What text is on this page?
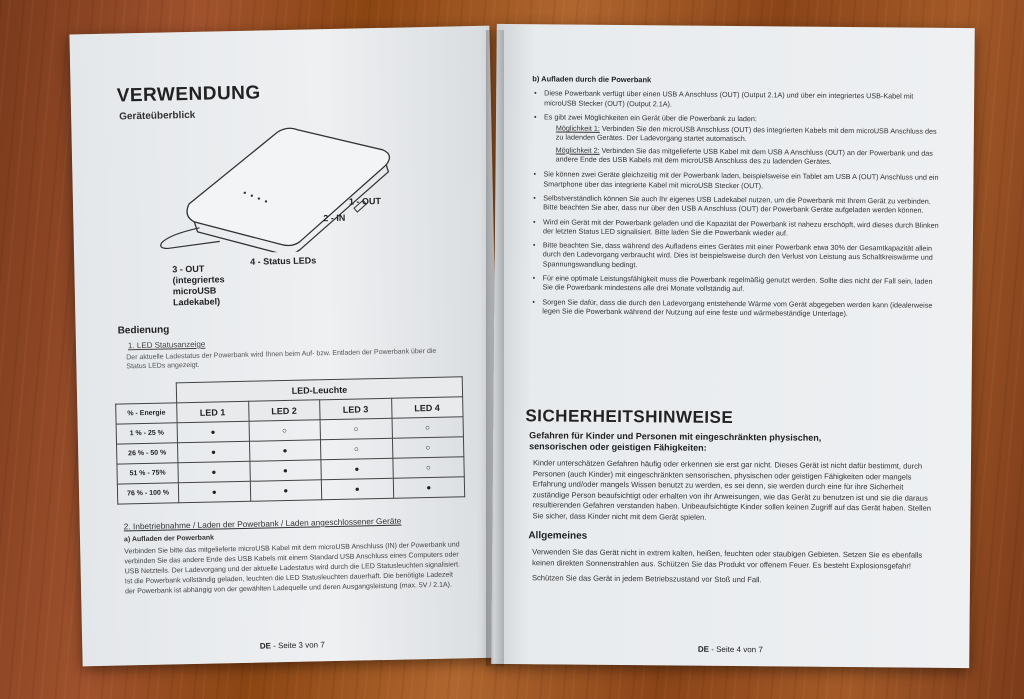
VERWENDUNG
Geräteüberblick
1 - OUT
2 - IN
3 - OUT
(integriertes
microUSB
Ladekabel)
4 - Status LEDs
Bedienung
1. LED Statusanzeige
Der aktuelle Ladestatus der Powerbank wird Ihnen beim Auf- bzw. Entladen der Powerbank über die Status LEDs angezeigt.
	LED-Leuchte			
% - Energie	LED 1	LED 2	LED 3	LED 4
1 % - 25 %	●	○	○	○
26 % - 50 %	●	●	○	○
51 % - 75%	●	●	●	○
76 % - 100 %	●	●	●	●
2. Inbetriebnahme / Laden der Powerbank / Laden angeschlossener Geräte
a) Aufladen der Powerbank
Verbinden Sie bitte das mitgelieferte microUSB Kabel mit dem microUSB Anschluss (IN) der Powerbank und verbinden Sie das andere Ende des USB Kabels mit einem Standard USB Anschluss eines Computers oder USB Netzteils. Der Ladevorgang und der aktuelle Ladestatus wird durch die LED Statusleuchten signalisiert. Ist die Powerbank vollständig geladen, leuchten die LED Statusleuchten dauerhaft. Die benötigte Ladezeit der Powerbank ist abhängig von der gewählten Ladequelle und deren Ausgangsleistung (max. 5V / 2.1A).
DE - Seite 3 von 7
b) Aufladen durch die Powerbank
• Diese Powerbank verfügt über einen USB A Anschluss (OUT) (Output 2.1A) und über ein integriertes USB-Kabel mit microUSB Stecker (OUT) (Output 2.1A).
• Es gibt zwei Möglichkeiten ein Gerät über die Powerbank zu laden:
Möglichkeit 1: Verbinden Sie den microUSB Anschluss (OUT) des integrierten Kabels mit dem microUSB Anschluss des zu ladenden Gerätes. Der Ladevorgang startet automatisch.
Möglichkeit 2: Verbinden Sie das mitgelieferte USB Kabel mit dem USB A Anschluss (OUT) an der Powerbank und das andere Ende des USB Kabels mit dem microUSB Anschluss des zu ladenden Gerätes.
• Sie können zwei Geräte gleichzeitig mit der Powerbank laden, beispielsweise ein Tablet am USB A (OUT) Anschluss und ein Smartphone über das integrierte Kabel mit microUSB Stecker (OUT).
• Selbstverständlich können Sie auch Ihr eigenes USB Ladekabel nutzen, um die Powerbank mit Ihrem Gerät zu verbinden. Bitte beachten Sie aber, dass nur über den USB A Anschluss (OUT) der Powerbank Geräte aufgeladen werden können.
• Wird ein Gerät mit der Powerbank geladen und die Kapazität der Powerbank ist nahezu erschöpft, wird dieses durch Blinken der letzten Status LED signalisiert. Bitte laden Sie die Powerbank wieder auf.
• Bitte beachten Sie, dass während des Aufladens eines Gerätes mit einer Powerbank etwa 30% der Gesamtkapazität allein durch den Ladevorgang verbraucht wird. Dies ist beispielsweise durch den Verlust von Leistung aus Schaltkreiswärme und Spannungswandlung bedingt.
• Für eine optimale Leistungsfähigkeit muss die Powerbank regelmäßig genutzt werden. Sollte dies nicht der Fall sein, laden Sie die Powerbank mindestens alle drei Monate vollständig auf.
• Sorgen Sie dafür, dass die durch den Ladevorgang entstehende Wärme vom Gerät abgegeben werden kann (idealerweise legen Sie die Powerbank während der Nutzung auf eine feste und wärmebeständige Unterlage).
SICHERHEITSHINWEISE
Gefahren für Kinder und Personen mit eingeschränkten physischen, sensorischen oder geistigen Fähigkeiten:
Kinder unterschätzen Gefahren häufig oder erkennen sie erst gar nicht. Dieses Gerät ist nicht dafür bestimmt, durch Personen (auch Kinder) mit eingeschränkten sensorischen, physischen oder geistigen Fähigkeiten oder mangels Erfahrung und/oder mangels Wissen benutzt zu werden, es sei denn, sie werden durch eine für ihre Sicherheit zuständige Person beaufsichtigt oder erhalten von ihr Anweisungen, wie das Gerät zu benutzen ist und sie die daraus resultierenden Gefahren verstanden haben. Unbeaufsichtigte Kinder sollen keinen Zugriff auf das Gerät haben. Stellen Sie sicher, dass Kinder nicht mit dem Gerät spielen.
Allgemeines
Verwenden Sie das Gerät nicht in extrem kalten, heißen, feuchten oder staubigen Gebieten. Setzen Sie es ebenfalls keinen direkten Sonnenstrahlen aus. Schützen Sie das Produkt vor offenem Feuer. Es besteht Explosionsgefahr!
Schützen Sie das Gerät in jedem Betriebszustand vor Stoß und Fall.
DE - Seite 4 von 7
